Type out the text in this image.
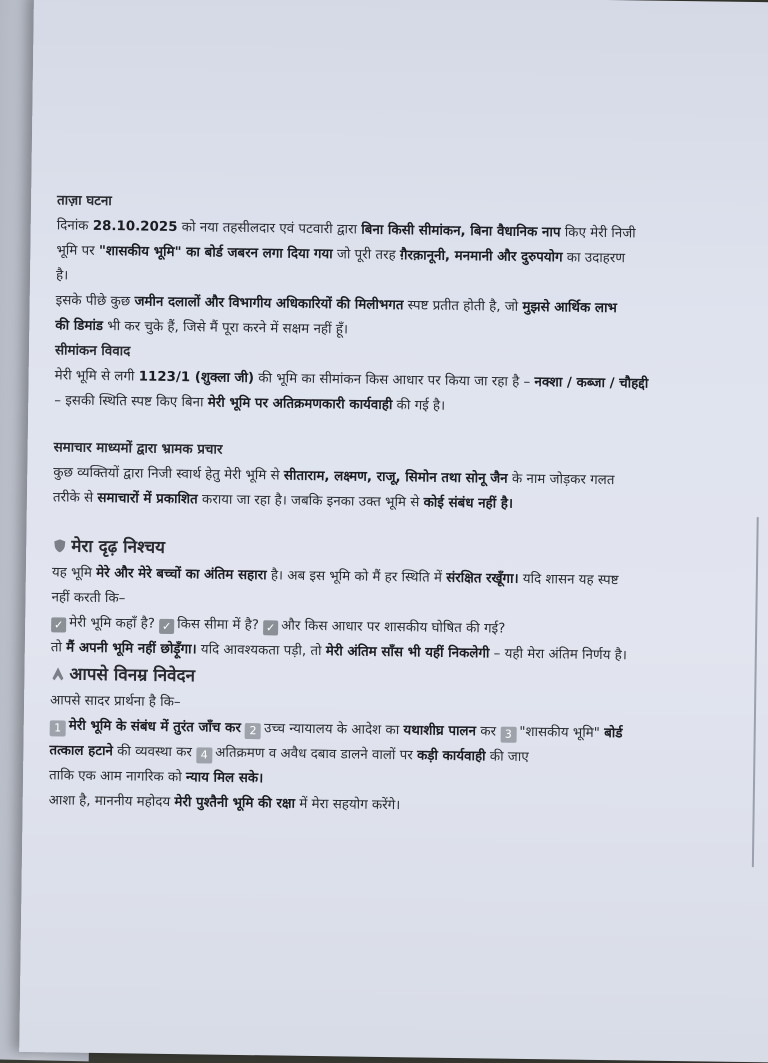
ताज़ा घटना

दिनांक 28.10.2025 को नया तहसीलदार एवं पटवारी द्वारा बिना किसी सीमांकन, बिना वैधानिक नाप किए मेरी निजी

भूमि पर "शासकीय भूमि" का बोर्ड जबरन लगा दिया गया जो पूरी तरह ग़ैरक़ानूनी, मनमानी और दुरुपयोग का उदाहरण

है।

इसके पीछे कुछ जमीन दलालों और विभागीय अधिकारियों की मिलीभगत स्पष्ट प्रतीत होती है, जो मुझसे आर्थिक लाभ

की डिमांड भी कर चुके हैं, जिसे मैं पूरा करने में सक्षम नहीं हूँ।

सीमांकन विवाद

मेरी भूमि से लगी 1123/1 (शुक्ला जी) की भूमि का सीमांकन किस आधार पर किया जा रहा है – नक्शा / कब्जा / चौहद्दी

– इसकी स्थिति स्पष्ट किए बिना मेरी भूमि पर अतिक्रमणकारी कार्यवाही की गई है।

समाचार माध्यमों द्वारा भ्रामक प्रचार

कुछ व्यक्तियों द्वारा निजी स्वार्थ हेतु मेरी भूमि से सीताराम, लक्ष्मण, राजू, सिमोन तथा सोनू जैन के नाम जोड़कर गलत

तरीके से समाचारों में प्रकाशित कराया जा रहा है। जबकि इनका उक्त भूमि से कोई संबंध नहीं है।

मेरा दृढ़ निश्चय

यह भूमि मेरे और मेरे बच्चों का अंतिम सहारा है। अब इस भूमि को मैं हर स्थिति में संरक्षित रखूँगा। यदि शासन यह स्पष्ट

नहीं करती कि–

✓ मेरी भूमि कहाँ है? ✓ किस सीमा में है? ✓ और किस आधार पर शासकीय घोषित की गई?

तो मैं अपनी भूमि नहीं छोड़ूँगा। यदि आवश्यकता पड़ी, तो मेरी अंतिम साँस भी यहीं निकलेगी – यही मेरा अंतिम निर्णय है।

आपसे विनम्र निवेदन

आपसे सादर प्रार्थना है कि–

1 मेरी भूमि के संबंध में तुरंत जाँच कर 2 उच्च न्यायालय के आदेश का यथाशीघ्र पालन कर 3 "शासकीय भूमि" बोर्ड

तत्काल हटाने की व्यवस्था कर 4 अतिक्रमण व अवैध दबाव डालने वालों पर कड़ी कार्यवाही की जाए

ताकि एक आम नागरिक को न्याय मिल सके।

आशा है, माननीय महोदय मेरी पुश्तैनी भूमि की रक्षा में मेरा सहयोग करेंगे।
